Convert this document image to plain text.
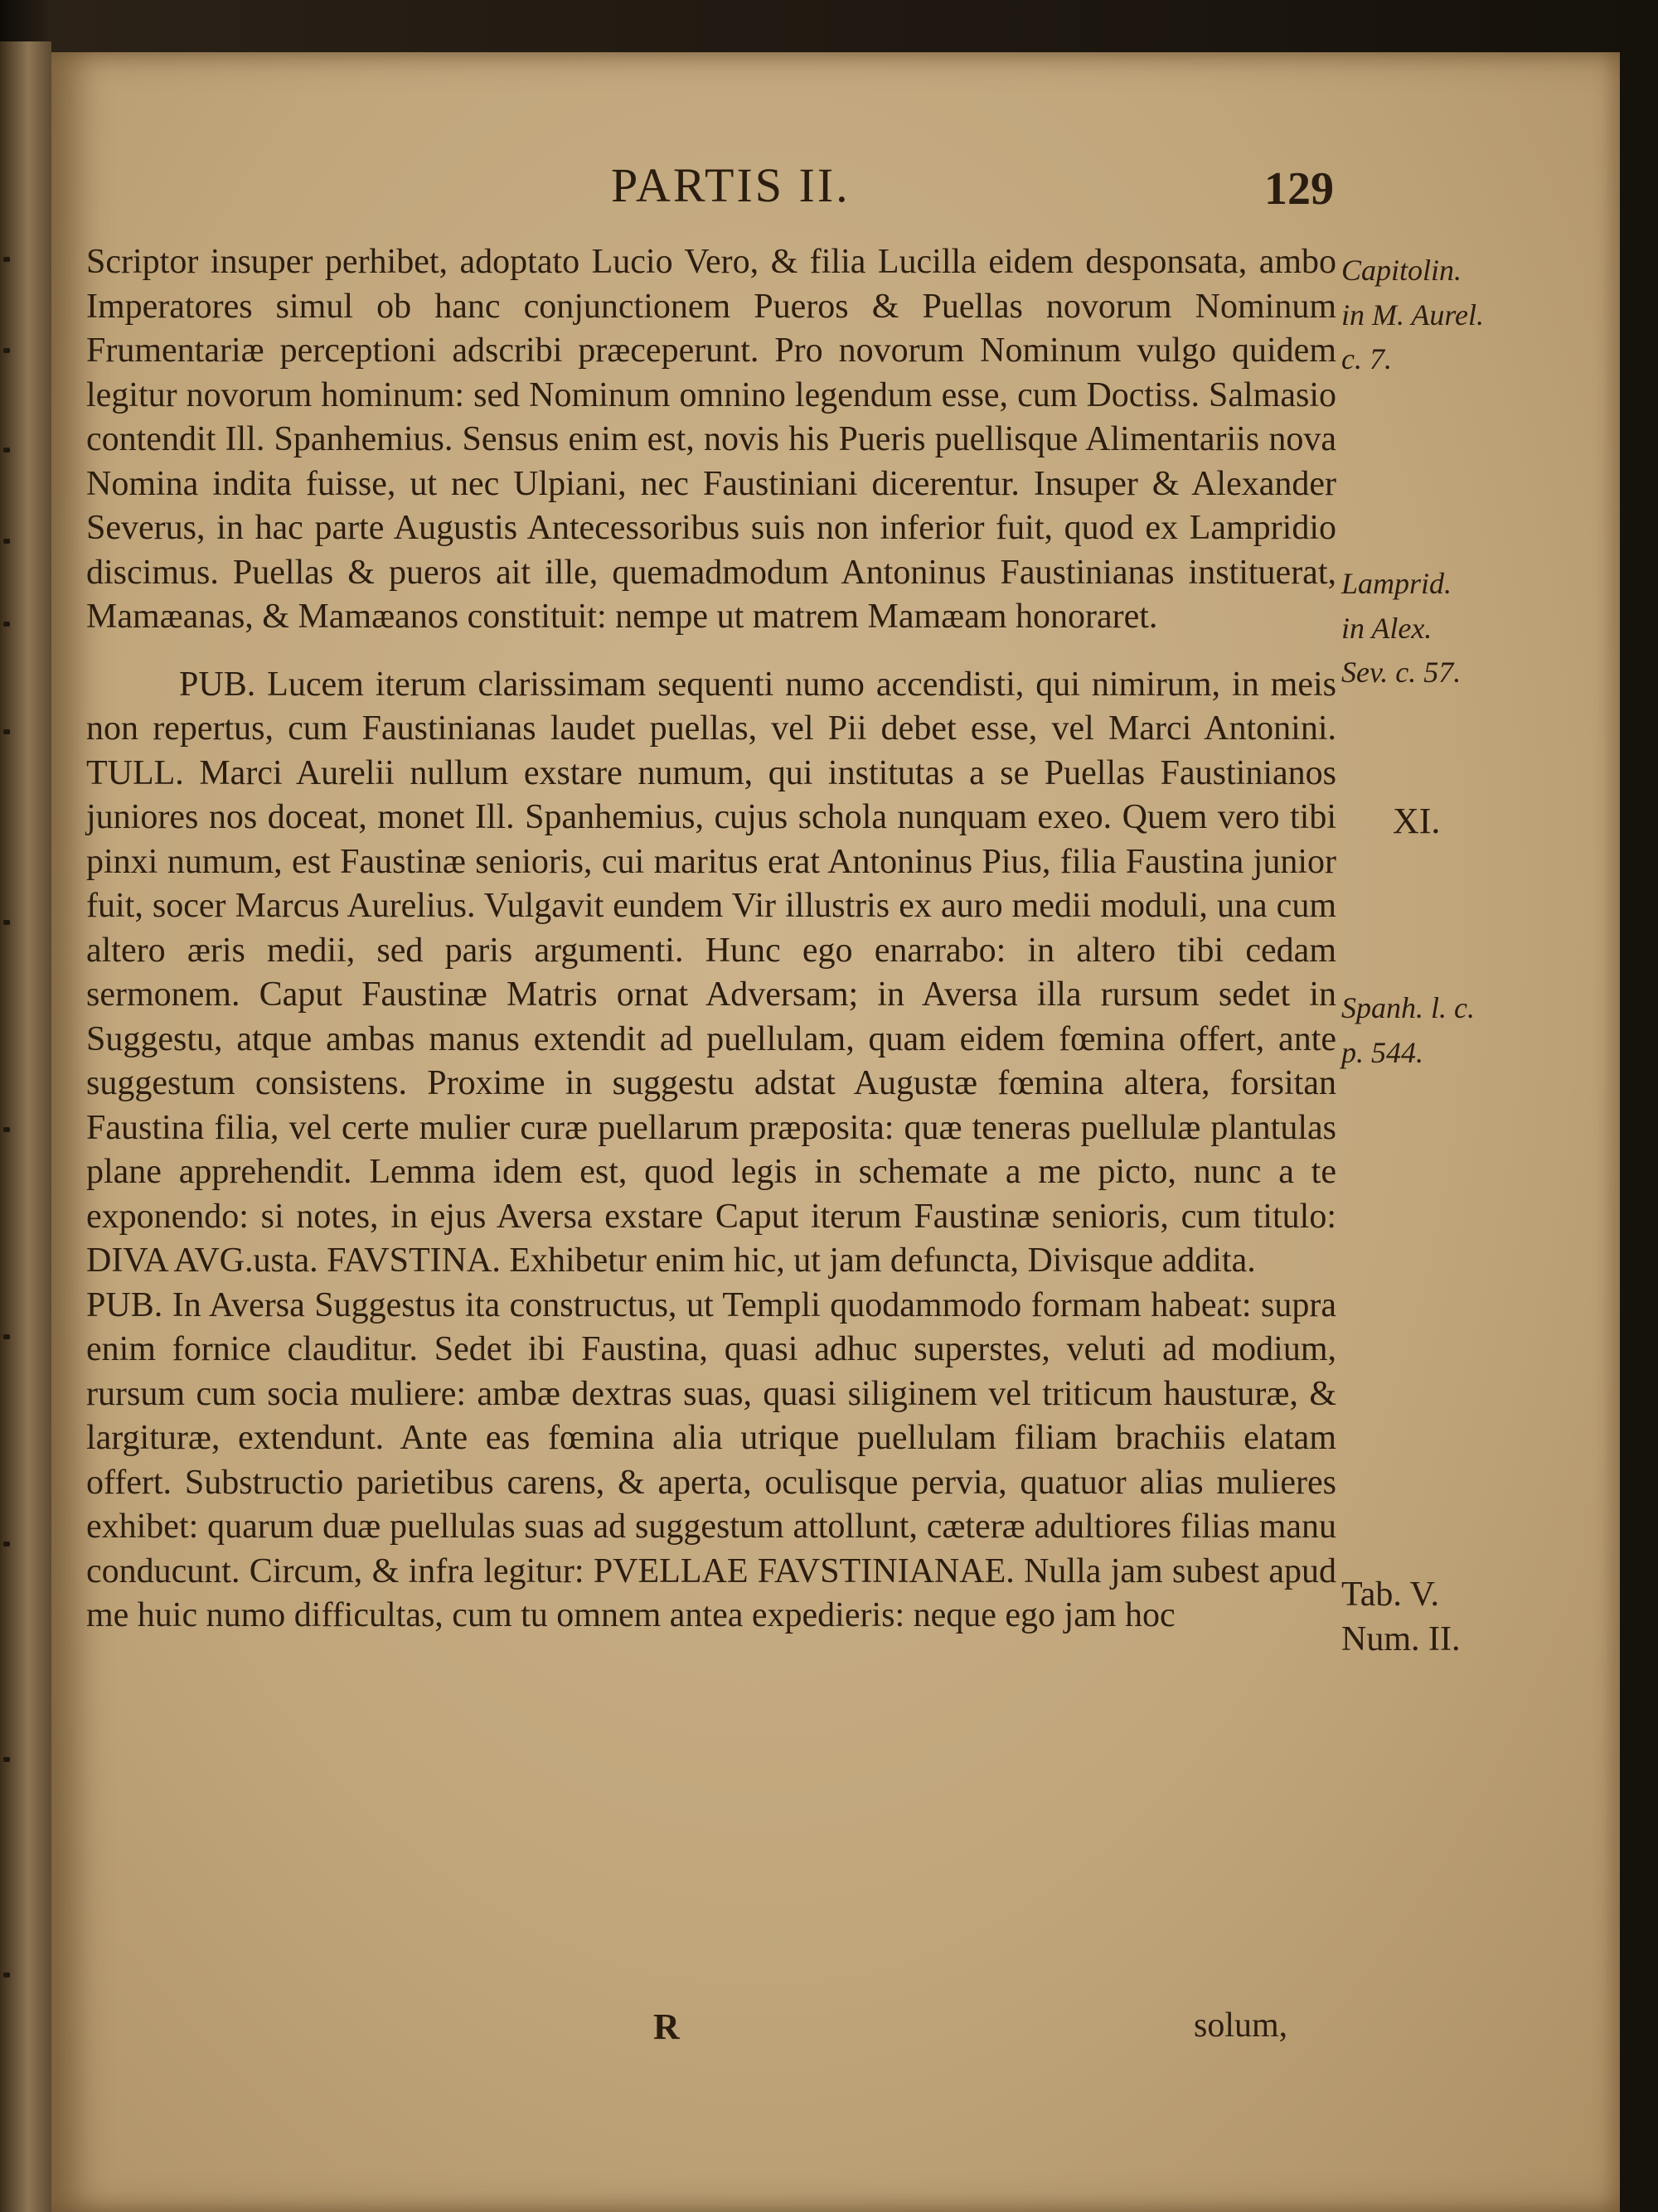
PARTIS II.	129

Scriptor insuper perhibet, adoptato Lucio Vero, & filia Lucilla eidem desponsata, ambo Imperatores simul ob hanc conjunctionem Pueros & Puellas novorum Nominum Frumentariæ perceptioni adscribi præceperunt. Pro novorum Nominum vulgo quidem legitur novorum hominum: sed Nominum omnino legendum esse, cum Doctiss. Salmasio contendit Ill. Spanhemius. Sensus enim est, novis his Pueris puellisque Alimentariis nova Nomina indita fuisse, ut nec Ulpiani, nec Faustiniani dicerentur. Insuper & Alexander Severus, in hac parte Augustis Antecessoribus suis non inferior fuit, quod ex Lampridio discimus. Puellas & pueros ait ille, quemadmodum Antoninus Faustinianas instituerat, Mamæanas, & Mamæanos constituit: nempe ut matrem Mamæam honoraret.

PUB. Lucem iterum clarissimam sequenti numo accendisti, qui nimirum, in meis non repertus, cum Faustinianas laudet puellas, vel Pii debet esse, vel Marci Antonini. TULL. Marci Aurelii nullum exstare numum, qui institutas a se Puellas Faustinianos juniores nos doceat, monet Ill. Spanhemius, cujus schola nunquam exeo. Quem vero tibi pinxi numum, est Faustinæ senioris, cui maritus erat Antoninus Pius, filia Faustina junior fuit, socer Marcus Aurelius. Vulgavit eundem Vir illustris ex auro medii moduli, una cum altero æris medii, sed paris argumenti. Hunc ego enarrabo: in altero tibi cedam sermonem. Caput Faustinæ Matris ornat Adversam; in Aversa illa rursum sedet in Suggestu, atque ambas manus extendit ad puellulam, quam eidem fœmina offert, ante suggestum consistens. Proxime in suggestu adstat Augustæ fœmina altera, forsitan Faustina filia, vel certe mulier curæ puellarum præposita: quæ teneras puellulæ plantulas plane apprehendit. Lemma idem est, quod legis in schemate a me picto, nunc a te exponendo: si notes, in ejus Aversa exstare Caput iterum Faustinæ senioris, cum titulo: DIVA AVG.usta. FAVSTINA. Exhibetur enim hic, ut jam defuncta, Divisque addita.

PUB. In Aversa Suggestus ita constructus, ut Templi quodammodo formam habeat: supra enim fornice clauditur. Sedet ibi Faustina, quasi adhuc superstes, veluti ad modium, rursum cum socia muliere: ambæ dextras suas, quasi siliginem vel triticum hausturæ, & largituræ, extendunt. Ante eas fœmina alia utrique puellulam filiam brachiis elatam offert. Substructio parietibus carens, & aperta, oculisque pervia, quatuor alias mulieres exhibet: quarum duæ puellulas suas ad suggestum attollunt, cæteræ adultiores filias manu conducunt. Circum, & infra legitur: PVELLAE FAVSTINIANAE. Nulla jam subest apud me huic numo difficultas, cum tu omnem antea expedieris: neque ego jam hoc

Capitolin.
in M. Aurel.
c. 7.
Lamprid.
in Alex.
Sev. c. 57.
XI.
Spanh. l. c.
p. 544.
Tab. V.
Num. II.
R	solum,
